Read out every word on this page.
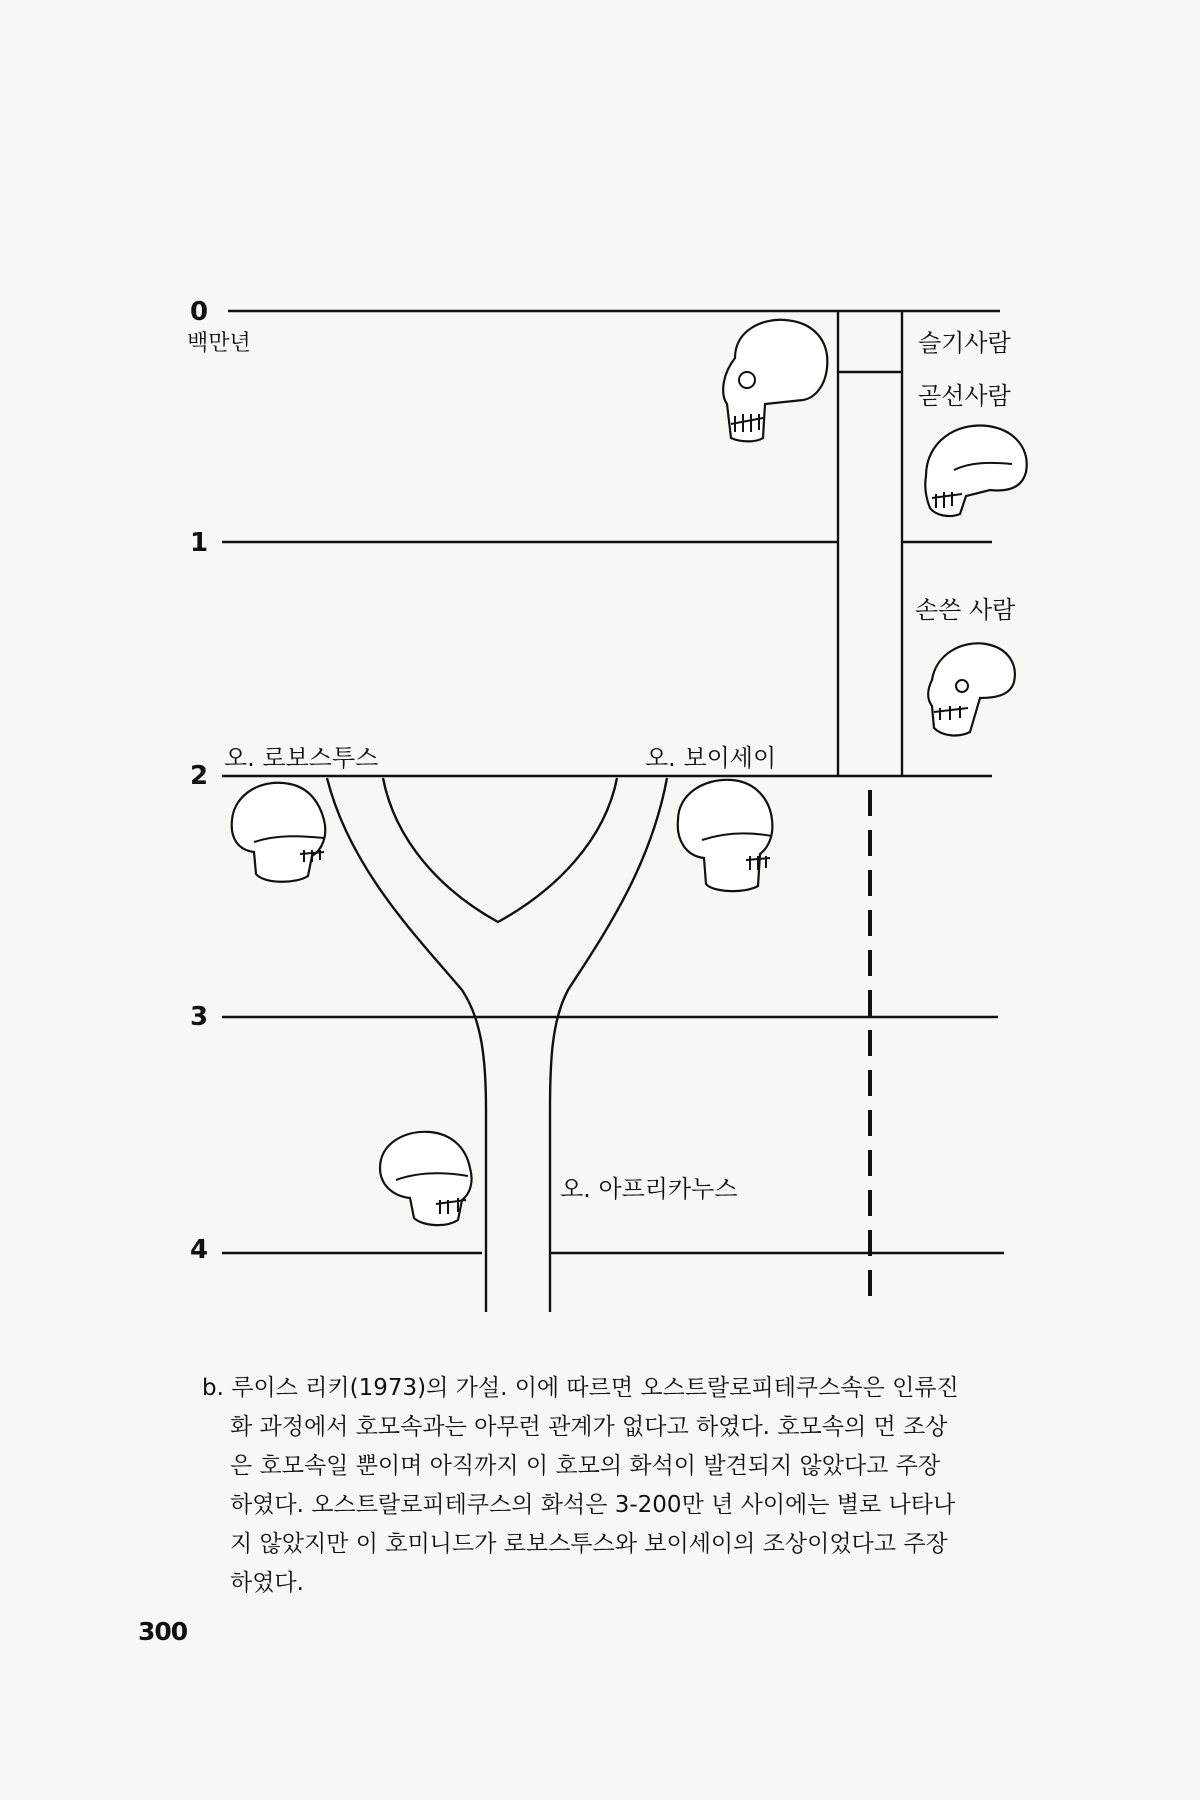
0
백만년
1
2
3
4
슬기사람
곧선사람
손쓴 사람
오. 로보스투스	오. 보이세이
오. 아프리카누스
b. 루이스 리키(1973)의 가설. 이에 따르면 오스트랄로피테쿠스속은 인류진화 과정에서 호모속과는 아무런 관계가 없다고 하였다. 호모속의 먼 조상은 호모속일 뿐이며 아직까지 이 호모의 화석이 발견되지 않았다고 주장하였다. 오스트랄로피테쿠스의 화석은 3-200만 년 사이에는 별로 나타나지 않았지만 이 호미니드가 로보스투스와 보이세이의 조상이었다고 주장하였다.
300
